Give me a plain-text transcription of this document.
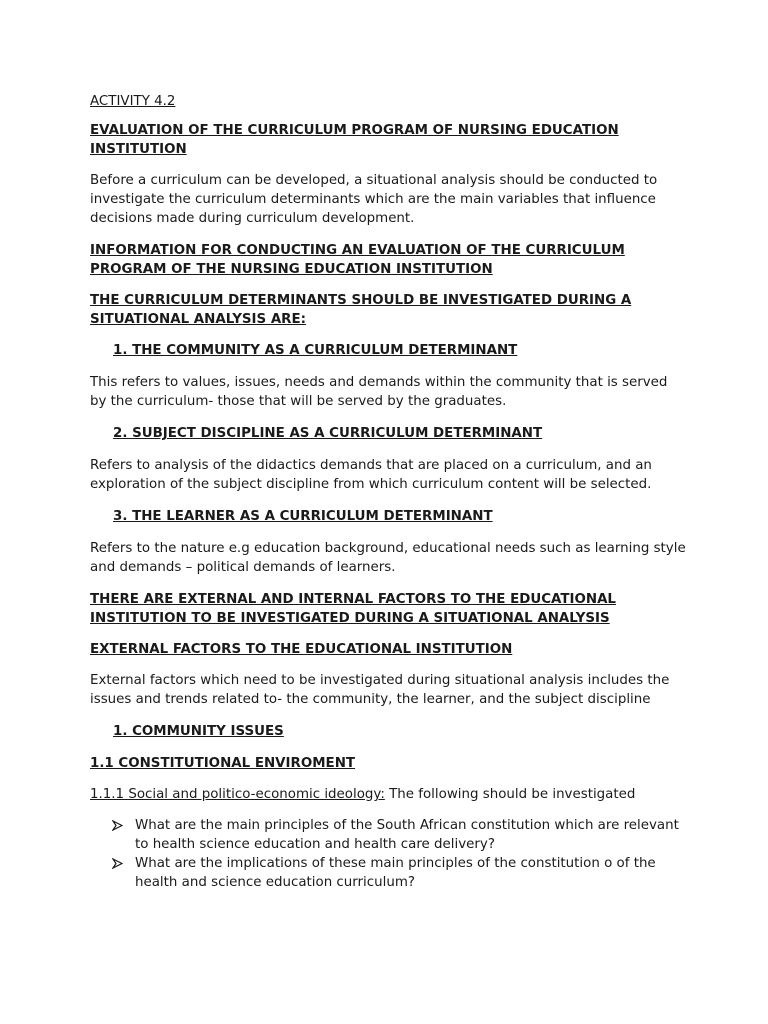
ACTIVITY 4.2

EVALUATION OF THE CURRICULUM PROGRAM OF NURSING EDUCATION INSTITUTION

Before a curriculum can be developed, a situational analysis should be conducted to investigate the curriculum determinants which are the main variables that influence decisions made during curriculum development.

INFORMATION FOR CONDUCTING AN EVALUATION OF THE CURRICULUM PROGRAM OF THE NURSING EDUCATION INSTITUTION

THE CURRICULUM DETERMINANTS SHOULD BE INVESTIGATED DURING A SITUATIONAL ANALYSIS ARE:

1. THE COMMUNITY AS A CURRICULUM DETERMINANT

This refers to values, issues, needs and demands within the community that is served by the curriculum- those that will be served by the graduates.

2. SUBJECT DISCIPLINE AS A CURRICULUM DETERMINANT

Refers to analysis of the didactics demands that are placed on a curriculum, and an exploration of the subject discipline from which curriculum content will be selected.

3. THE LEARNER AS A CURRICULUM DETERMINANT

Refers to the nature e.g education background, educational needs such as learning style and demands – political demands of learners.

THERE ARE EXTERNAL AND INTERNAL FACTORS TO THE EDUCATIONAL INSTITUTION TO BE INVESTIGATED DURING A SITUATIONAL ANALYSIS

EXTERNAL FACTORS TO THE EDUCATIONAL INSTITUTION

External factors which need to be investigated during situational analysis includes the issues and trends related to- the community, the learner, and the subject discipline

1. COMMUNITY ISSUES

1.1 CONSTITUTIONAL ENVIROMENT

1.1.1 Social and politico-economic ideology: The following should be investigated

What are the main principles of the South African constitution which are relevant to health science education and health care delivery?
What are the implications of these main principles of the constitution o of the health and science education curriculum?
